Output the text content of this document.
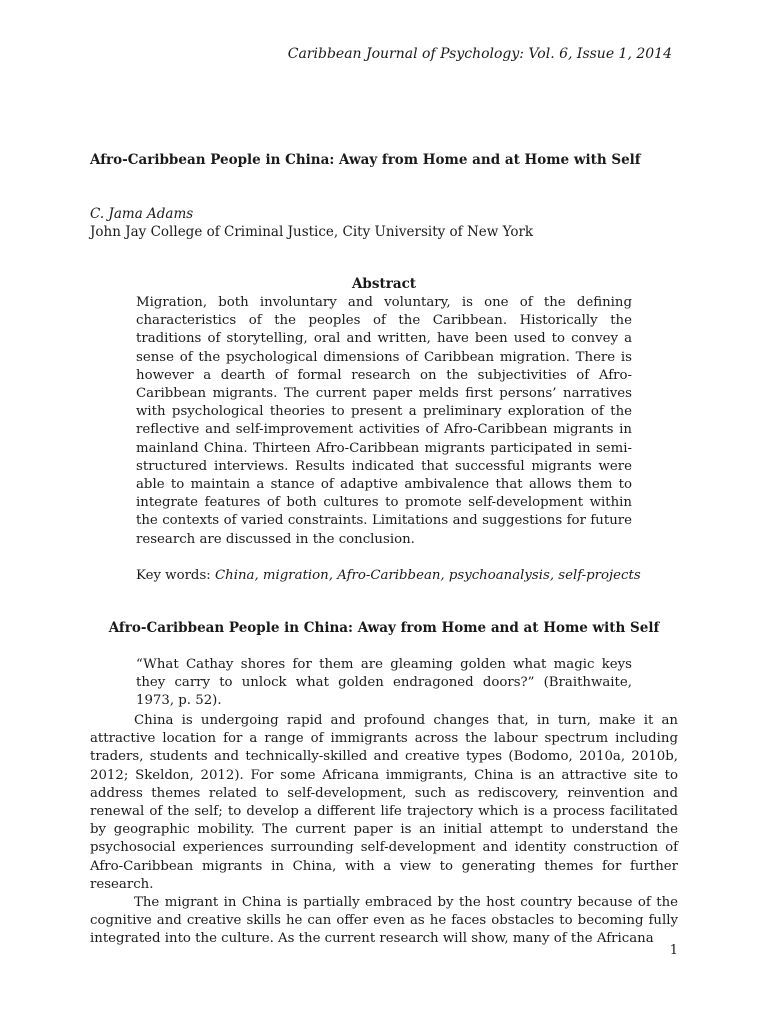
Caribbean Journal of Psychology: Vol. 6, Issue 1, 2014
Afro-Caribbean People in China: Away from Home and at Home with Self
C. Jama Adams
John Jay College of Criminal Justice, City University of New York
Abstract
Migration, both involuntary and voluntary, is one of the defining characteristics of the peoples of the Caribbean. Historically the traditions of storytelling, oral and written, have been used to convey a sense of the psychological dimensions of Caribbean migration. There is however a dearth of formal research on the subjectivities of Afro-Caribbean migrants. The current paper melds first persons’ narratives with psychological theories to present a preliminary exploration of the reflective and self-improvement activities of Afro-Caribbean migrants in mainland China. Thirteen Afro-Caribbean migrants participated in semi-structured interviews. Results indicated that successful migrants were able to maintain a stance of adaptive ambivalence that allows them to integrate features of both cultures to promote self-development within the contexts of varied constraints. Limitations and suggestions for future research are discussed in the conclusion.
Key words: China, migration, Afro-Caribbean, psychoanalysis, self-projects
Afro-Caribbean People in China: Away from Home and at Home with Self
“What Cathay shores for them are gleaming golden what magic keys they carry to unlock what golden endragoned doors?” (Braithwaite, 1973, p. 52).

China is undergoing rapid and profound changes that, in turn, make it an attractive location for a range of immigrants across the labour spectrum including traders, students and technically-skilled and creative types (Bodomo, 2010a, 2010b, 2012; Skeldon, 2012). For some Africana immigrants, China is an attractive site to address themes related to self-development, such as rediscovery, reinvention and renewal of the self; to develop a different life trajectory which is a process facilitated by geographic mobility. The current paper is an initial attempt to understand the psychosocial experiences surrounding self-development and identity construction of Afro-Caribbean migrants in China, with a view to generating themes for further research.

The migrant in China is partially embraced by the host country because of the cognitive and creative skills he can offer even as he faces obstacles to becoming fully integrated into the culture. As the current research will show, many of the Africana

1
